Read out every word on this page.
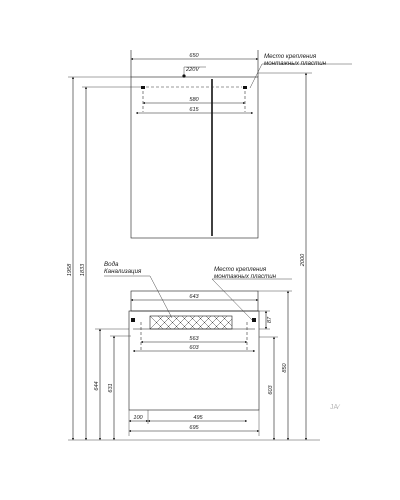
650
220V
580
615
Место крепления
монтажных пластин
643
563
603
87
Вода
Канализация	Место крепления
монтажных пластин
100	495
695
1958 1833
2000
644 631	603
850
JA∕
